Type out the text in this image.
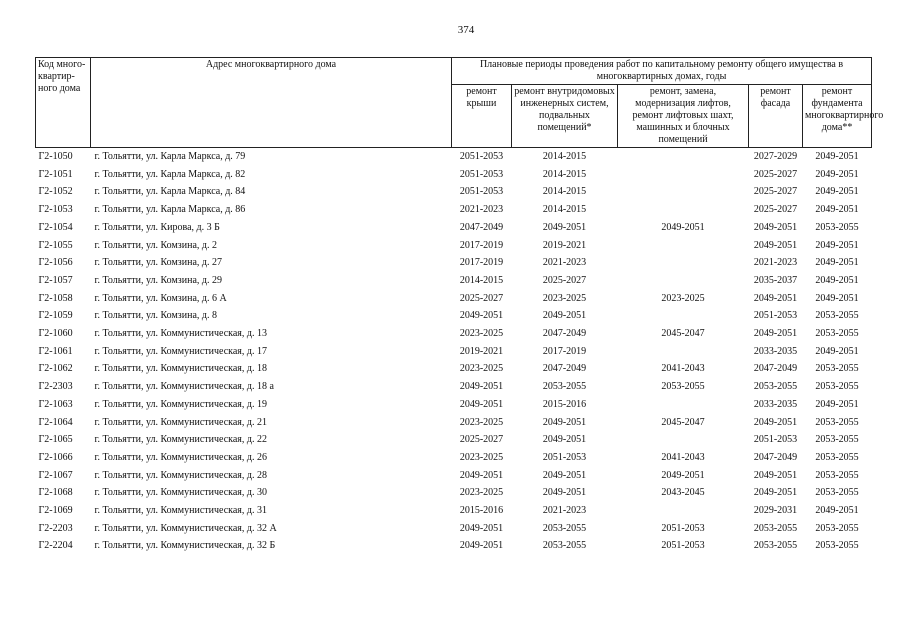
374
Код много-квартир-ного дома	Адрес многоквартирного дома	Плановые периоды проведения работ по капитальному ремонту общего имущества в многоквартирных домах, годы				
		ремонт крыши	ремонт внутридомовых инженерных систем, подвальных помещений*	ремонт, замена, модернизация лифтов, ремонт лифтовых шахт, машинных и блочных помещений	ремонт фасада	ремонт фундамента многоквартирного дома**
Г2-1050	г. Тольятти, ул. Карла Маркса, д. 79	2051-2053	2014-2015		2027-2029	2049-2051
Г2-1051	г. Тольятти, ул. Карла Маркса, д. 82	2051-2053	2014-2015		2025-2027	2049-2051
Г2-1052	г. Тольятти, ул. Карла Маркса, д. 84	2051-2053	2014-2015		2025-2027	2049-2051
Г2-1053	г. Тольятти, ул. Карла Маркса, д. 86	2021-2023	2014-2015		2025-2027	2049-2051
Г2-1054	г. Тольятти, ул. Кирова, д. 3 Б	2047-2049	2049-2051	2049-2051	2049-2051	2053-2055
Г2-1055	г. Тольятти, ул. Комзина, д. 2	2017-2019	2019-2021		2049-2051	2049-2051
Г2-1056	г. Тольятти, ул. Комзина, д. 27	2017-2019	2021-2023		2021-2023	2049-2051
Г2-1057	г. Тольятти, ул. Комзина, д. 29	2014-2015	2025-2027		2035-2037	2049-2051
Г2-1058	г. Тольятти, ул. Комзина, д. 6 А	2025-2027	2023-2025	2023-2025	2049-2051	2049-2051
Г2-1059	г. Тольятти, ул. Комзина, д. 8	2049-2051	2049-2051		2051-2053	2053-2055
Г2-1060	г. Тольятти, ул. Коммунистическая, д. 13	2023-2025	2047-2049	2045-2047	2049-2051	2053-2055
Г2-1061	г. Тольятти, ул. Коммунистическая, д. 17	2019-2021	2017-2019		2033-2035	2049-2051
Г2-1062	г. Тольятти, ул. Коммунистическая, д. 18	2023-2025	2047-2049	2041-2043	2047-2049	2053-2055
Г2-2303	г. Тольятти, ул. Коммунистическая, д. 18 а	2049-2051	2053-2055	2053-2055	2053-2055	2053-2055
Г2-1063	г. Тольятти, ул. Коммунистическая, д. 19	2049-2051	2015-2016		2033-2035	2049-2051
Г2-1064	г. Тольятти, ул. Коммунистическая, д. 21	2023-2025	2049-2051	2045-2047	2049-2051	2053-2055
Г2-1065	г. Тольятти, ул. Коммунистическая, д. 22	2025-2027	2049-2051		2051-2053	2053-2055
Г2-1066	г. Тольятти, ул. Коммунистическая, д. 26	2023-2025	2051-2053	2041-2043	2047-2049	2053-2055
Г2-1067	г. Тольятти, ул. Коммунистическая, д. 28	2049-2051	2049-2051	2049-2051	2049-2051	2053-2055
Г2-1068	г. Тольятти, ул. Коммунистическая, д. 30	2023-2025	2049-2051	2043-2045	2049-2051	2053-2055
Г2-1069	г. Тольятти, ул. Коммунистическая, д. 31	2015-2016	2021-2023		2029-2031	2049-2051
Г2-2203	г. Тольятти, ул. Коммунистическая, д. 32 А	2049-2051	2053-2055	2051-2053	2053-2055	2053-2055
Г2-2204	г. Тольятти, ул. Коммунистическая, д. 32 Б	2049-2051	2053-2055	2051-2053	2053-2055	2053-2055
